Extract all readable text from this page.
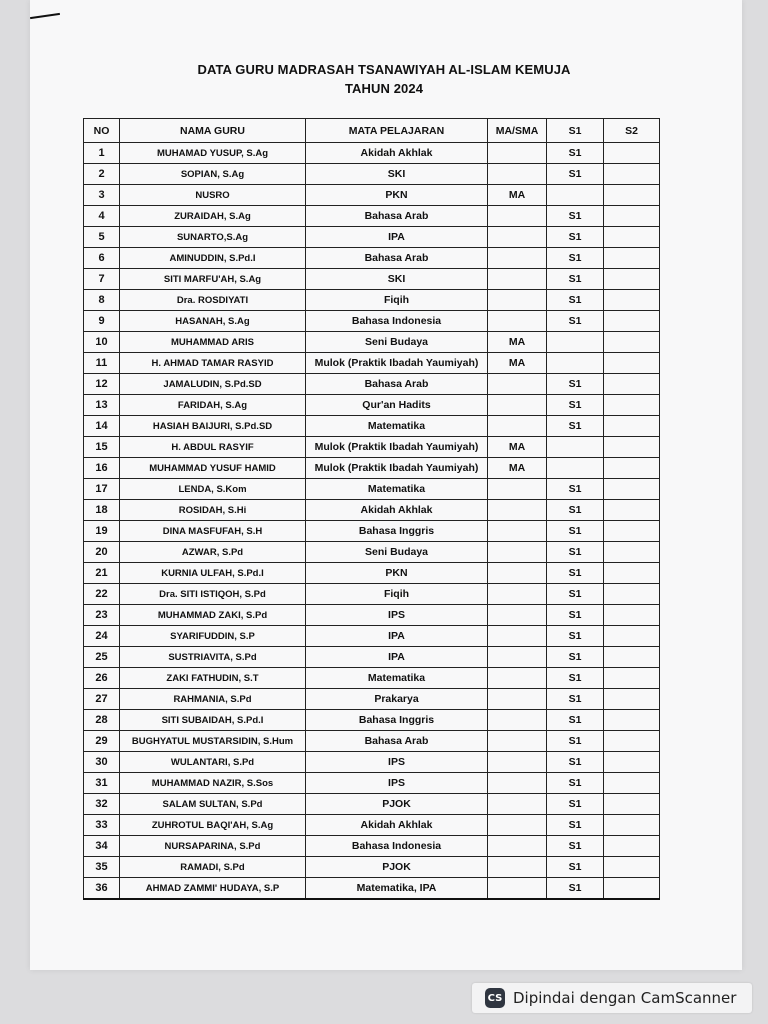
DATA GURU MADRASAH TSANAWIYAH AL-ISLAM KEMUJA
TAHUN 2024
NO	NAMA GURU	MATA PELAJARAN	MA/SMA	S1	S2
1	MUHAMAD YUSUP, S.Ag	Akidah Akhlak		S1	
2	SOPIAN, S.Ag	SKI		S1	
3	NUSRO	PKN	MA		
4	ZURAIDAH, S.Ag	Bahasa Arab		S1	
5	SUNARTO,S.Ag	IPA		S1	
6	AMINUDDIN, S.Pd.I	Bahasa Arab		S1	
7	SITI MARFU'AH, S.Ag	SKI		S1	
8	Dra. ROSDIYATI	Fiqih		S1	
9	HASANAH, S.Ag	Bahasa Indonesia		S1	
10	MUHAMMAD ARIS	Seni Budaya	MA		
11	H. AHMAD TAMAR RASYID	Mulok (Praktik Ibadah Yaumiyah)	MA		
12	JAMALUDIN, S.Pd.SD	Bahasa Arab		S1	
13	FARIDAH, S.Ag	Qur'an Hadits		S1	
14	HASIAH BAIJURI, S.Pd.SD	Matematika		S1	
15	H. ABDUL RASYIF	Mulok (Praktik Ibadah Yaumiyah)	MA		
16	MUHAMMAD YUSUF HAMID	Mulok (Praktik Ibadah Yaumiyah)	MA		
17	LENDA, S.Kom	Matematika		S1	
18	ROSIDAH, S.Hi	Akidah Akhlak		S1	
19	DINA MASFUFAH, S.H	Bahasa Inggris		S1	
20	AZWAR, S.Pd	Seni Budaya		S1	
21	KURNIA ULFAH, S.Pd.I	PKN		S1	
22	Dra. SITI ISTIQOH, S.Pd	Fiqih		S1	
23	MUHAMMAD ZAKI, S.Pd	IPS		S1	
24	SYARIFUDDIN, S.P	IPA		S1	
25	SUSTRIAVITA, S.Pd	IPA		S1	
26	ZAKI FATHUDIN, S.T	Matematika		S1	
27	RAHMANIA, S.Pd	Prakarya		S1	
28	SITI SUBAIDAH, S.Pd.I	Bahasa Inggris		S1	
29	BUGHYATUL MUSTARSIDIN, S.Hum	Bahasa Arab		S1	
30	WULANTARI, S.Pd	IPS		S1	
31	MUHAMMAD NAZIR, S.Sos	IPS		S1	
32	SALAM SULTAN, S.Pd	PJOK		S1	
33	ZUHROTUL BAQI'AH, S.Ag	Akidah Akhlak		S1	
34	NURSAPARINA, S.Pd	Bahasa Indonesia		S1	
35	RAMADI, S.Pd	PJOK		S1	
36	AHMAD ZAMMI' HUDAYA, S.P	Matematika, IPA		S1	
CS Dipindai dengan CamScanner
